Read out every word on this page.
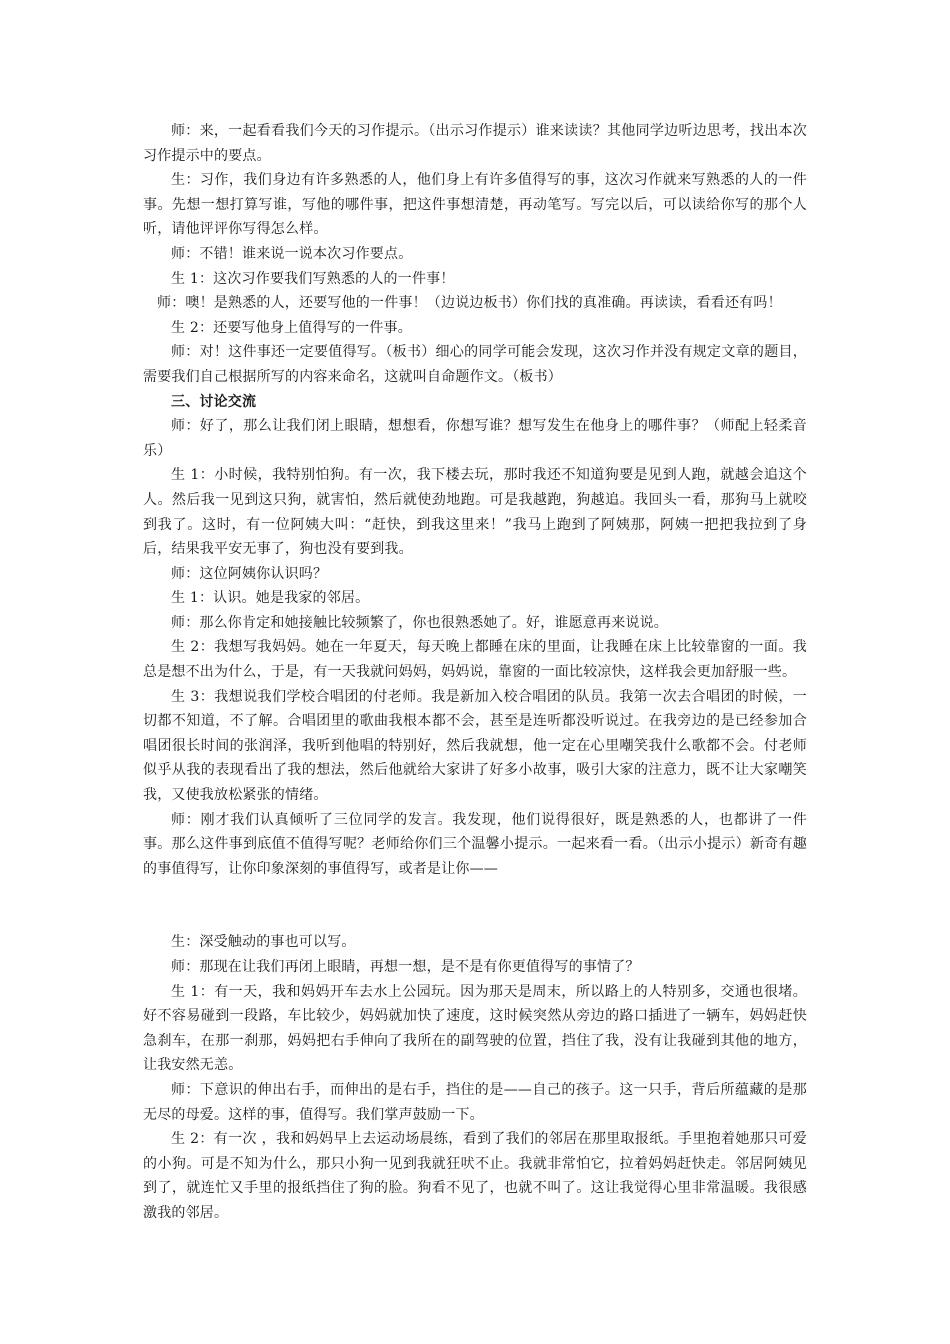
师：来，一起看看我们今天的习作提示。（出示习作提示）谁来读读？其他同学边听边思考，找出本次习作提示中的要点。

生：习作，我们身边有许多熟悉的人，他们身上有许多值得写的事，这次习作就来写熟悉的人的一件事。先想一想打算写谁，写他的哪件事，把这件事想清楚，再动笔写。写完以后，可以读给你写的那个人听，请他评评你写得怎么样。

师：不错！谁来说一说本次习作要点。

生 1：这次习作要我们写熟悉的人的一件事！

师：噢！是熟悉的人，还要写他的一件事！（边说边板书）你们找的真准确。再读读，看看还有吗！

生 2：还要写他身上值得写的一件事。

师：对！这件事还一定要值得写。（板书）细心的同学可能会发现，这次习作并没有规定文章的题目，需要我们自己根据所写的内容来命名，这就叫自命题作文。（板书）

三、讨论交流

师：好了，那么让我们闭上眼睛，想想看，你想写谁？想写发生在他身上的哪件事？（师配上轻柔音乐）

生 1：小时候，我特别怕狗。有一次，我下楼去玩，那时我还不知道狗要是见到人跑，就越会追这个人。然后我一见到这只狗，就害怕，然后就使劲地跑。可是我越跑，狗越追。我回头一看，那狗马上就咬到我了。这时，有一位阿姨大叫：“赶快，到我这里来！”我马上跑到了阿姨那，阿姨一把把我拉到了身后，结果我平安无事了，狗也没有要到我。

师：这位阿姨你认识吗？

生 1：认识。她是我家的邻居。

师：那么你肯定和她接触比较频繁了，你也很熟悉她了。好，谁愿意再来说说。

生 2：我想写我妈妈。她在一年夏天，每天晚上都睡在床的里面，让我睡在床上比较靠窗的一面。我总是想不出为什么，于是，有一天我就问妈妈，妈妈说，靠窗的一面比较凉快，这样我会更加舒服一些。

生 3：我想说我们学校合唱团的付老师。我是新加入校合唱团的队员。我第一次去合唱团的时候，一切都不知道，不了解。合唱团里的歌曲我根本都不会，甚至是连听都没听说过。在我旁边的是已经参加合唱团很长时间的张润泽，我听到他唱的特别好，然后我就想，他一定在心里嘲笑我什么歌都不会。付老师似乎从我的表现看出了我的想法，然后他就给大家讲了好多小故事，吸引大家的注意力，既不让大家嘲笑我，又使我放松紧张的情绪。

师：刚才我们认真倾听了三位同学的发言。我发现，他们说得很好，既是熟悉的人，也都讲了一件事。那么这件事到底值不值得写呢？老师给你们三个温馨小提示。一起来看一看。（出示小提示）新奇有趣的事值得写，让你印象深刻的事值得写，或者是让你——

生：深受触动的事也可以写。

师：那现在让我们再闭上眼睛，再想一想，是不是有你更值得写的事情了？

生 1：有一天，我和妈妈开车去水上公园玩。因为那天是周末，所以路上的人特别多，交通也很堵。好不容易碰到一段路，车比较少，妈妈就加快了速度，这时候突然从旁边的路口插进了一辆车，妈妈赶快急刹车，在那一刹那，妈妈把右手伸向了我所在的副驾驶的位置，挡住了我，没有让我碰到其他的地方，让我安然无恙。

师：下意识的伸出右手，而伸出的是右手，挡住的是——自己的孩子。这一只手，背后所蕴藏的是那无尽的母爱。这样的事，值得写。我们掌声鼓励一下。

生 2：有一次 ，我和妈妈早上去运动场晨练，看到了我们的邻居在那里取报纸。手里抱着她那只可爱的小狗。可是不知为什么，那只小狗一见到我就狂吠不止。我就非常怕它，拉着妈妈赶快走。邻居阿姨见到了，就连忙又手里的报纸挡住了狗的脸。狗看不见了，也就不叫了。这让我觉得心里非常温暖。我很感激我的邻居。
